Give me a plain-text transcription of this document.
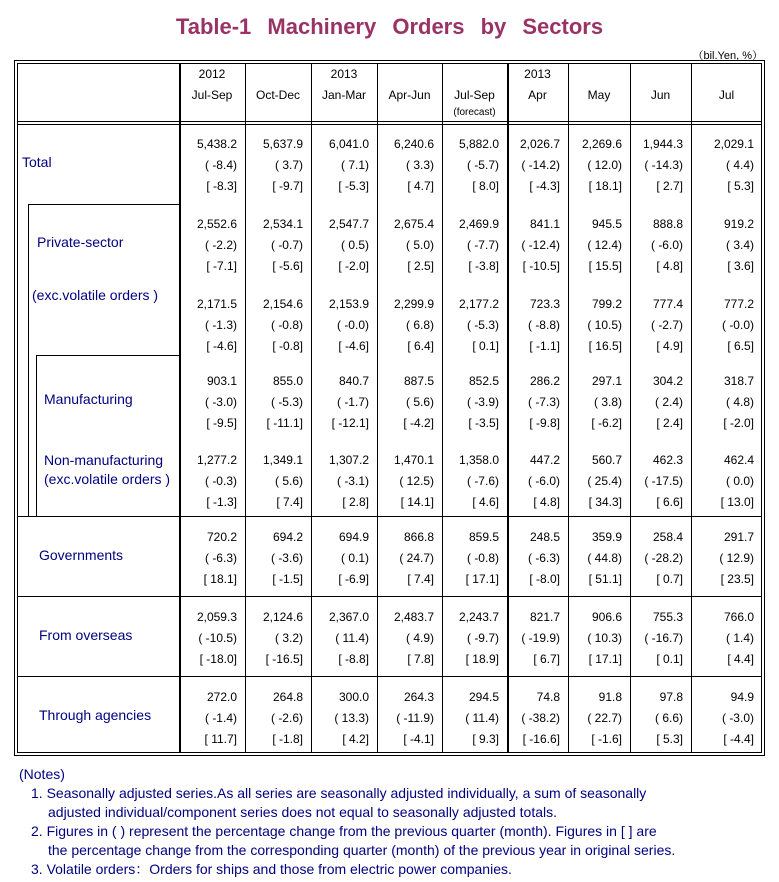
Table-1 Machinery Orders by Sectors
（bil.Yen, %）
2012
Jul-Sep	Oct-Dec
2013
Jan-Mar	Apr-Jun	Jul-Sep
(forecast)
2013
Apr	May	Jun	Jul
Total
5,438.2	5,637.9	6,041.0	6,240.6	5,882.0	2,026.7	2,269.6	1,944.3	2,029.1
( -8.4)	( 3.7)	( 7.1)	( 3.3)	( -5.7)	( -14.2)	( 12.0)	( -14.3)	( 4.4)
[ -8.3]	[ -9.7]	[ -5.3]	[ 4.7]	[ 8.0]	[ -4.3]	[ 18.1]	[ 2.7]	[ 5.3]
Private-sector
2,552.6	2,534.1	2,547.7	2,675.4	2,469.9	841.1	945.5	888.8	919.2
( -2.2)	( -0.7)	( 0.5)	( 5.0)	( -7.7)	( -12.4)	( 12.4)	( -6.0)	( 3.4)
[ -7.1]	[ -5.6]	[ -2.0]	[ 2.5]	[ -3.8]	[ -10.5]	[ 15.5]	[ 4.8]	[ 3.6]
(exc.volatile orders )
2,171.5	2,154.6	2,153.9	2,299.9	2,177.2	723.3	799.2	777.4	777.2
( -1.3)	( -0.8)	( -0.0)	( 6.8)	( -5.3)	( -8.8)	( 10.5)	( -2.7)	( -0.0)
[ -4.6]	[ -0.8]	[ -4.6]	[ 6.4]	[ 0.1]	[ -1.1]	[ 16.5]	[ 4.9]	[ 6.5]
Manufacturing
903.1	855.0	840.7	887.5	852.5	286.2	297.1	304.2	318.7
( -3.0)	( -5.3)	( -1.7)	( 5.6)	( -3.9)	( -7.3)	( 3.8)	( 2.4)	( 4.8)
[ -9.5]	[ -11.1]	[ -12.1]	[ -4.2]	[ -3.5]	[ -9.8]	[ -6.2]	[ 2.4]	[ -2.0]
Non-manufacturing
(exc.volatile orders )
1,277.2	1,349.1	1,307.2	1,470.1	1,358.0	447.2	560.7	462.3	462.4
( -0.3)	( 5.6)	( -3.1)	( 12.5)	( -7.6)	( -6.0)	( 25.4)	( -17.5)	( 0.0)
[ -1.3]	[ 7.4]	[ 2.8]	[ 14.1]	[ 4.6]	[ 4.8]	[ 34.3]	[ 6.6]	[ 13.0]
Governments
720.2	694.2	694.9	866.8	859.5	248.5	359.9	258.4	291.7
( -6.3)	( -3.6)	( 0.1)	( 24.7)	( -0.8)	( -6.3)	( 44.8)	( -28.2)	( 12.9)
[ 18.1]	[ -1.5]	[ -6.9]	[ 7.4]	[ 17.1]	[ -8.0]	[ 51.1]	[ 0.7]	[ 23.5]
From overseas
2,059.3	2,124.6	2,367.0	2,483.7	2,243.7	821.7	906.6	755.3	766.0
( -10.5)	( 3.2)	( 11.4)	( 4.9)	( -9.7)	( -19.9)	( 10.3)	( -16.7)	( 1.4)
[ -18.0]	[ -16.5]	[ -8.8]	[ 7.8]	[ 18.9]	[ 6.7]	[ 17.1]	[ 0.1]	[ 4.4]
Through agencies
272.0	264.8	300.0	264.3	294.5	74.8	91.8	97.8	94.9
( -1.4)	( -2.6)	( 13.3)	( -11.9)	( 11.4)	( -38.2)	( 22.7)	( 6.6)	( -3.0)
[ 11.7]	[ -1.8]	[ 4.2]	[ -4.1]	[ 9.3]	[ -16.6]	[ -1.6]	[ 5.3]	[ -4.4]
(Notes)
1. Seasonally adjusted series.As all series are seasonally adjusted individually, a sum of seasonally
adjusted individual/component series does not equal to seasonally adjusted totals.
2. Figures in ( ) represent the percentage change from the previous quarter (month). Figures in [ ] are
the percentage change from the corresponding quarter (month) of the previous year in original series.
3. Volatile orders：Orders for ships and those from electric power companies.
